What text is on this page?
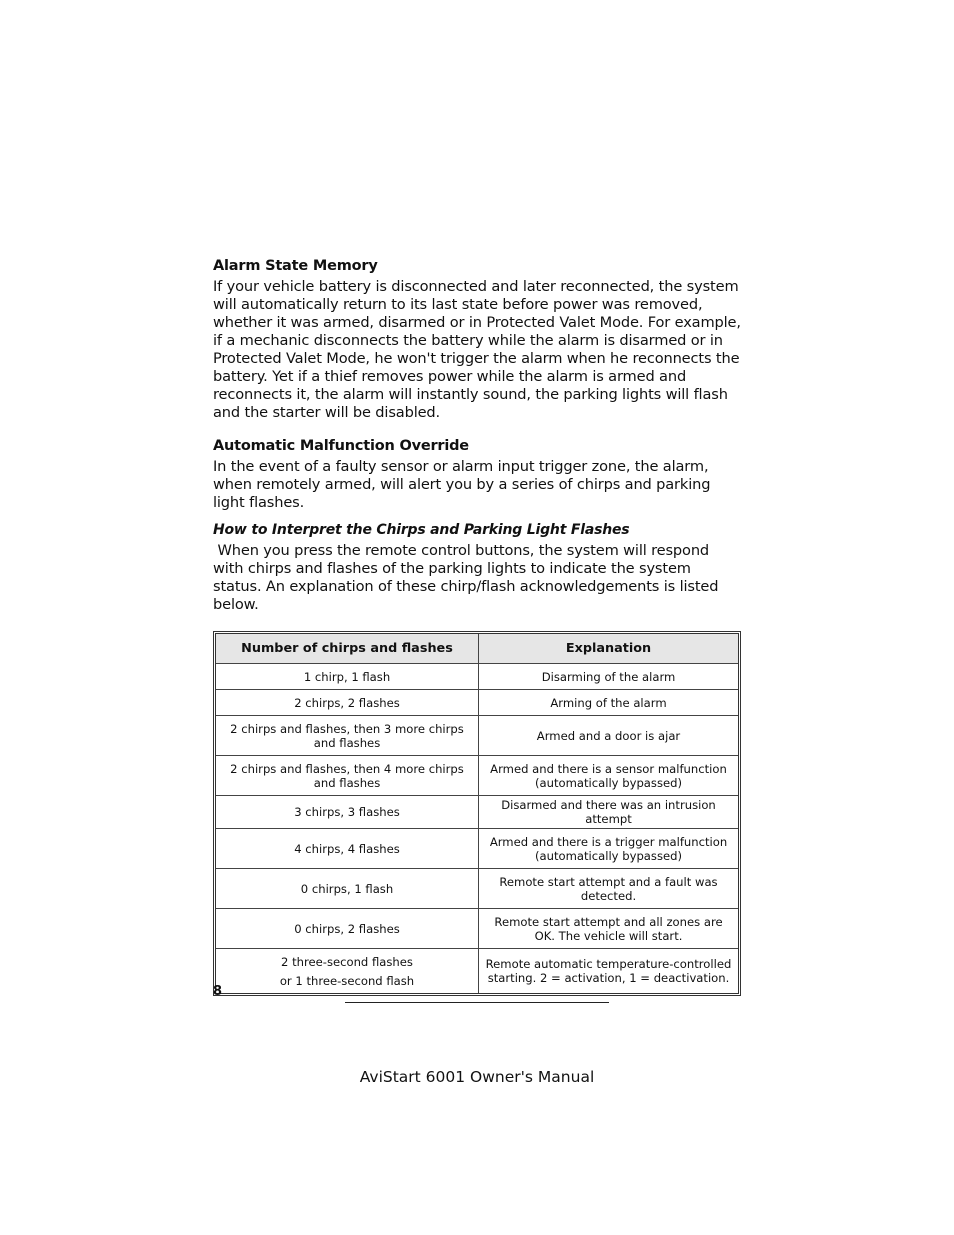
Alarm State Memory

If your vehicle battery is disconnected and later reconnected, the system will automatically return to its last state before power was removed, whether it was armed, disarmed or in Protected Valet Mode. For example, if a mechanic disconnects the battery while the alarm is disarmed or in Protected Valet Mode, he won't trigger the alarm when he reconnects the battery. Yet if a thief removes power while the alarm is armed and reconnects it, the alarm will instantly sound, the parking lights will flash and the starter will be disabled.

Automatic Malfunction Override

In the event of a faulty sensor or alarm input trigger zone, the alarm, when remotely armed, will alert you by a series of chirps and parking light flashes.

How to Interpret the Chirps and Parking Light Flashes

When you press the remote control buttons, the system will respond with chirps and flashes of the parking lights to indicate the system status. An explanation of these chirp/flash acknowledgements is listed below.

Number of chirps and flashes	Explanation
1 chirp, 1 flash	Disarming of the alarm
2 chirps, 2 flashes	Arming of the alarm
2 chirps and flashes, then 3 more chirps and flashes	Armed and a door is ajar
2 chirps and flashes, then 4 more chirps and flashes	Armed and there is a sensor malfunction (automatically bypassed)
3 chirps, 3 flashes	Disarmed and there was an intrusion attempt
4 chirps, 4 flashes	Armed and there is a trigger malfunction (automatically bypassed)
0 chirps, 1 flash	Remote start attempt and a fault was detected.
0 chirps, 2 flashes	Remote start attempt and all zones are OK. The vehicle will start.
2 three-second flashes
or 1 three-second flash	Remote automatic temperature-controlled starting. 2 = activation, 1 = deactivation.
8
AviStart 6001 Owner's Manual
